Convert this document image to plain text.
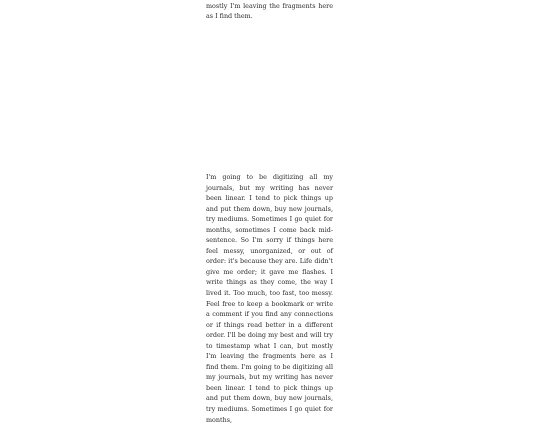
mostly I'm leaving the fragments here as I find them.

I'm going to be digitizing all my journals, but my writing has never been linear. I tend to pick things up and put them down, buy new journals, try mediums. Sometimes I go quiet for months, sometimes I come back mid-sentence. So I'm sorry if things here feel messy, unorganized, or out of order: it's because they are. Life didn't give me order; it gave me flashes. I write things as they come, the way I lived it. Too much, too fast, too messy. Feel free to keep a bookmark or write a comment if you find any connections or if things read better in a different order. I'll be doing my best and will try to timestamp what I can, but mostly I'm leaving the fragments here as I find them. I'm going to be digitizing all my journals, but my writing has never been linear. I tend to pick things up and put them down, buy new journals, try mediums. Sometimes I go quiet for months,
